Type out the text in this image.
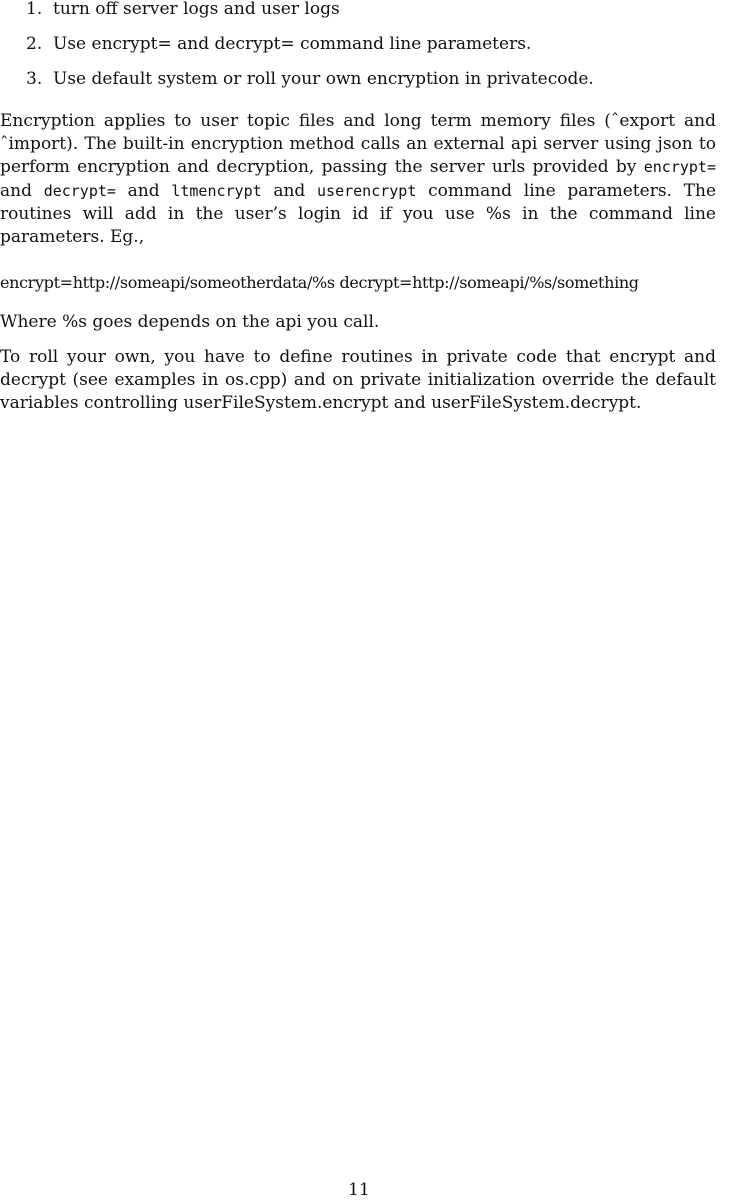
1. turn off server logs and user logs
2. Use encrypt= and decrypt= command line parameters.
3. Use default system or roll your own encryption in privatecode.

Encryption applies to user topic files and long term memory files (ˆexport and ˆimport). The built-in encryption method calls an external api server using json to perform encryption and decryption, passing the server urls provided by encrypt= and decrypt= and ltmencrypt and userencrypt command line parameters. The routines will add in the user’s login id if you use %s in the command line parameters. Eg.,

encrypt=http://someapi/someotherdata/%s decrypt=http://someapi/%s/something
Where %s goes depends on the api you call.

To roll your own, you have to define routines in private code that encrypt and decrypt (see examples in os.cpp) and on private initialization override the default variables controlling userFileSystem.encrypt and userFileSystem.decrypt.

11
